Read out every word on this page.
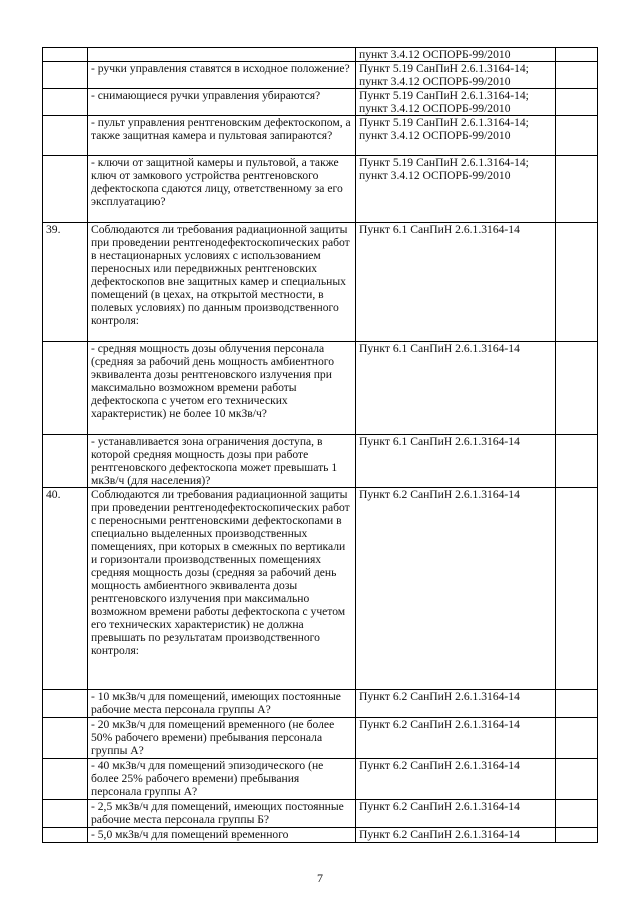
		пункт 3.4.12 ОСПОРБ-99/2010	
	- ручки управления ставятся в исходное положение?	Пункт 5.19 СанПиН 2.6.1.3164-14; пункт 3.4.12 ОСПОРБ-99/2010	
	- снимающиеся ручки управления убираются?	Пункт 5.19 СанПиН 2.6.1.3164-14; пункт 3.4.12 ОСПОРБ-99/2010	
	- пульт управления рентгеновским дефектоскопом, а также защитная камера и пультовая запираются?	Пункт 5.19 СанПиН 2.6.1.3164-14; пункт 3.4.12 ОСПОРБ-99/2010	
	- ключи от защитной камеры и пультовой, а также ключ от замкового устройства рентгеновского дефектоскопа сдаются лицу, ответственному за его эксплуатацию?	Пункт 5.19 СанПиН 2.6.1.3164-14; пункт 3.4.12 ОСПОРБ-99/2010	
39.	Соблюдаются ли требования радиационной защиты при проведении рентгенодефектоскопических работ в нестационарных условиях с использованием переносных или передвижных рентгеновских дефектоскопов вне защитных камер и специальных помещений (в цехах, на открытой местности, в полевых условиях) по данным производственного контроля:	Пункт 6.1 СанПиН 2.6.1.3164-14	
	- средняя мощность дозы облучения персонала (средняя за рабочий день мощность амбиентного эквивалента дозы рентгеновского излучения при максимально возможном времени работы дефектоскопа с учетом его технических характеристик) не более 10 мкЗв/ч?	Пункт 6.1 СанПиН 2.6.1.3164-14	
	- устанавливается зона ограничения доступа, в которой средняя мощность дозы при работе рентгеновского дефектоскопа может превышать 1 мкЗв/ч (для населения)?	Пункт 6.1 СанПиН 2.6.1.3164-14	
40.	Соблюдаются ли требования радиационной защиты при проведении рентгенодефектоскопических работ с переносными рентгеновскими дефектоскопами в специально выделенных производственных помещениях, при которых в смежных по вертикали и горизонтали производственных помещениях средняя мощность дозы (средняя за рабочий день мощность амбиентного эквивалента дозы рентгеновского излучения при максимально возможном времени работы дефектоскопа с учетом его технических характеристик) не должна превышать по результатам производственного контроля:	Пункт 6.2 СанПиН 2.6.1.3164-14	
	- 10 мкЗв/ч для помещений, имеющих постоянные рабочие места персонала группы А?	Пункт 6.2 СанПиН 2.6.1.3164-14	
	- 20 мкЗв/ч для помещений временного (не более 50% рабочего времени) пребывания персонала группы А?	Пункт 6.2 СанПиН 2.6.1.3164-14	
	- 40 мкЗв/ч для помещений эпизодического (не более 25% рабочего времени) пребывания персонала группы А?	Пункт 6.2 СанПиН 2.6.1.3164-14	
	- 2,5 мкЗв/ч для помещений, имеющих постоянные рабочие места персонала группы Б?	Пункт 6.2 СанПиН 2.6.1.3164-14	
	- 5,0 мкЗв/ч для помещений временного	Пункт 6.2 СанПиН 2.6.1.3164-14	
7
